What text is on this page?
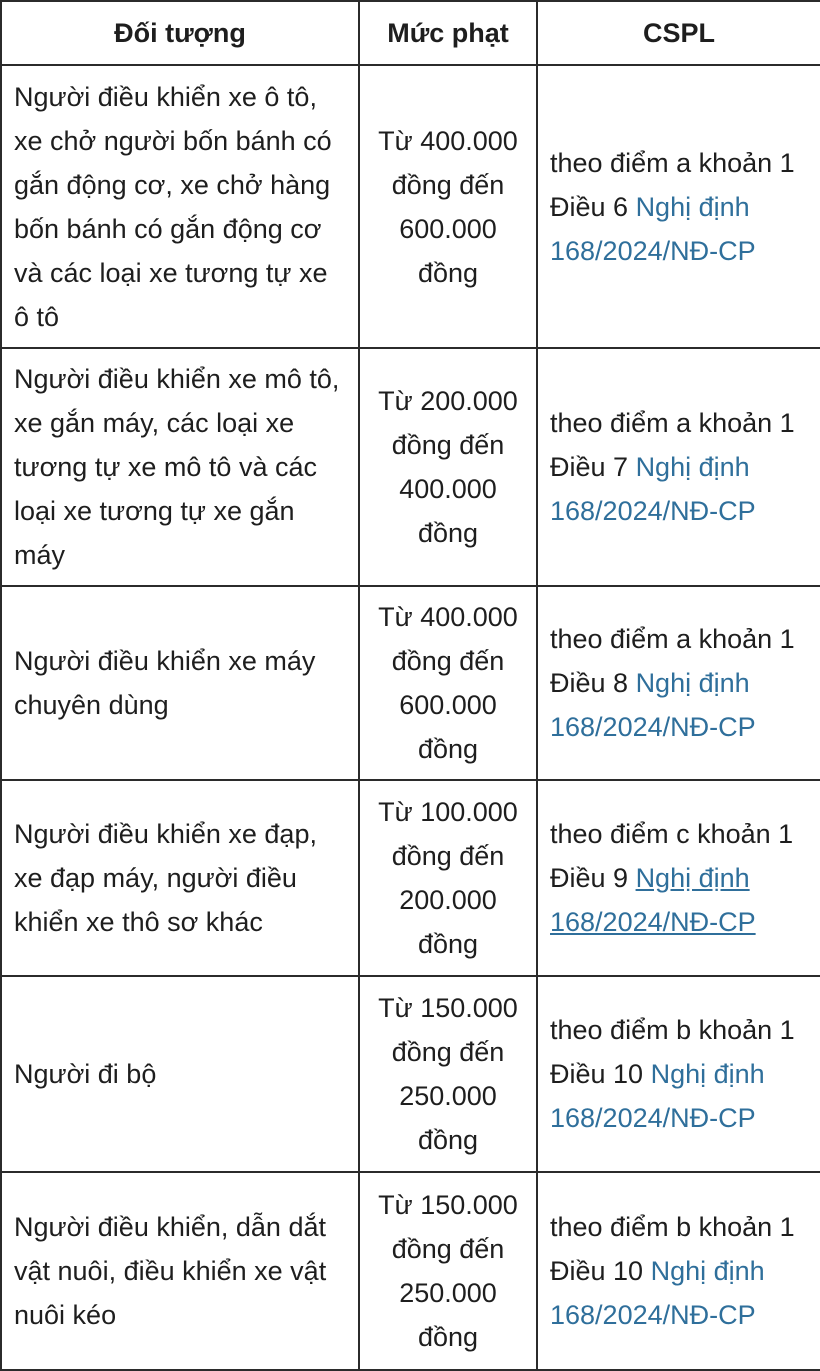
Đối tượng	Mức phạt	CSPL
Người điều khiển xe ô tô, xe chở người bốn bánh có gắn động cơ, xe chở hàng bốn bánh có gắn động cơ và các loại xe tương tự xe ô tô	Từ 400.000 đồng đến 600.000 đồng	theo điểm a khoản 1 Điều 6 Nghị định 168/2024/NĐ-CP
Người điều khiển xe mô tô, xe gắn máy, các loại xe tương tự xe mô tô và các loại xe tương tự xe gắn máy	Từ 200.000 đồng đến 400.000 đồng	theo điểm a khoản 1 Điều 7 Nghị định 168/2024/NĐ-CP
Người điều khiển xe máy chuyên dùng	Từ 400.000 đồng đến 600.000 đồng	theo điểm a khoản 1 Điều 8 Nghị định 168/2024/NĐ-CP
Người điều khiển xe đạp, xe đạp máy, người điều khiển xe thô sơ khác	Từ 100.000 đồng đến 200.000 đồng	theo điểm c khoản 1 Điều 9 Nghị định 168/2024/NĐ-CP
Người đi bộ	Từ 150.000 đồng đến 250.000 đồng	theo điểm b khoản 1 Điều 10 Nghị định 168/2024/NĐ-CP
Người điều khiển, dẫn dắt vật nuôi, điều khiển xe vật nuôi kéo	Từ 150.000 đồng đến 250.000 đồng	theo điểm b khoản 1 Điều 10 Nghị định 168/2024/NĐ-CP
